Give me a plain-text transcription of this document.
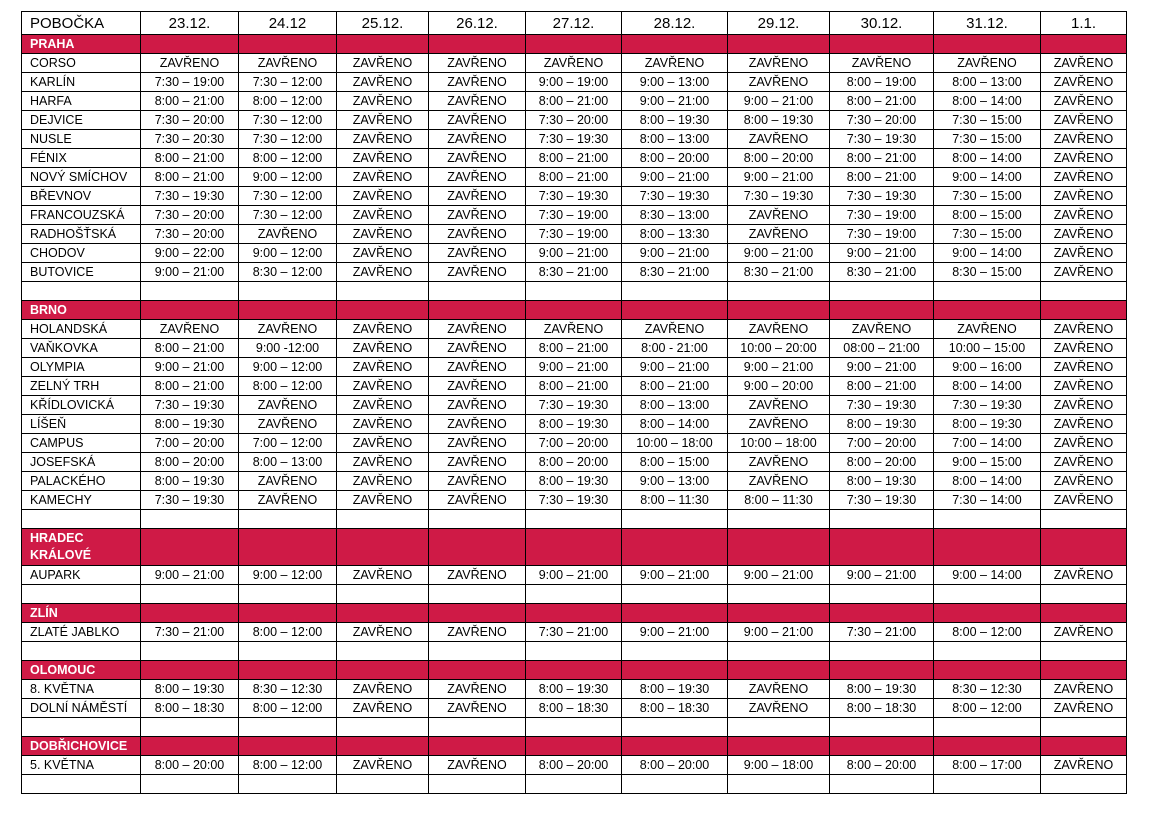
POBOČKA	23.12.	24.12	25.12.	26.12.	27.12.	28.12.	29.12.	30.12.	31.12.	1.1.
PRAHA										
CORSO	ZAVŘENO	ZAVŘENO	ZAVŘENO	ZAVŘENO	ZAVŘENO	ZAVŘENO	ZAVŘENO	ZAVŘENO	ZAVŘENO	ZAVŘENO
KARLÍN	7:30 – 19:00	7:30 – 12:00	ZAVŘENO	ZAVŘENO	9:00 – 19:00	9:00 – 13:00	ZAVŘENO	8:00 – 19:00	8:00 – 13:00	ZAVŘENO
HARFA	8:00 – 21:00	8:00 – 12:00	ZAVŘENO	ZAVŘENO	8:00 – 21:00	9:00 – 21:00	9:00 – 21:00	8:00 – 21:00	8:00 – 14:00	ZAVŘENO
DEJVICE	7:30 – 20:00	7:30 – 12:00	ZAVŘENO	ZAVŘENO	7:30 – 20:00	8:00 – 19:30	8:00 – 19:30	7:30 – 20:00	7:30 – 15:00	ZAVŘENO
NUSLE	7:30 – 20:30	7:30 – 12:00	ZAVŘENO	ZAVŘENO	7:30 – 19:30	8:00 – 13:00	ZAVŘENO	7:30 – 19:30	7:30 – 15:00	ZAVŘENO
FÉNIX	8:00 – 21:00	8:00 – 12:00	ZAVŘENO	ZAVŘENO	8:00 – 21:00	8:00 – 20:00	8:00 – 20:00	8:00 – 21:00	8:00 – 14:00	ZAVŘENO
NOVÝ SMÍCHOV	8:00 – 21:00	9:00 – 12:00	ZAVŘENO	ZAVŘENO	8:00 – 21:00	9:00 – 21:00	9:00 – 21:00	8:00 – 21:00	9:00 – 14:00	ZAVŘENO
BŘEVNOV	7:30 – 19:30	7:30 – 12:00	ZAVŘENO	ZAVŘENO	7:30 – 19:30	7:30 – 19:30	7:30 – 19:30	7:30 – 19:30	7:30 – 15:00	ZAVŘENO
FRANCOUZSKÁ	7:30 – 20:00	7:30 – 12:00	ZAVŘENO	ZAVŘENO	7:30 – 19:00	8:30 – 13:00	ZAVŘENO	7:30 – 19:00	8:00 – 15:00	ZAVŘENO
RADHOŠŤSKÁ	7:30 – 20:00	ZAVŘENO	ZAVŘENO	ZAVŘENO	7:30 – 19:00	8:00 – 13:30	ZAVŘENO	7:30 – 19:00	7:30 – 15:00	ZAVŘENO
CHODOV	9:00 – 22:00	9:00 – 12:00	ZAVŘENO	ZAVŘENO	9:00 – 21:00	9:00 – 21:00	9:00 – 21:00	9:00 – 21:00	9:00 – 14:00	ZAVŘENO
BUTOVICE	9:00 – 21:00	8:30 – 12:00	ZAVŘENO	ZAVŘENO	8:30 – 21:00	8:30 – 21:00	8:30 – 21:00	8:30 – 21:00	8:30 – 15:00	ZAVŘENO

BRNO										
HOLANDSKÁ	ZAVŘENO	ZAVŘENO	ZAVŘENO	ZAVŘENO	ZAVŘENO	ZAVŘENO	ZAVŘENO	ZAVŘENO	ZAVŘENO	ZAVŘENO
VAŇKOVKA	8:00 – 21:00	9:00 -12:00	ZAVŘENO	ZAVŘENO	8:00 – 21:00	8:00 - 21:00	10:00 – 20:00	08:00 – 21:00	10:00 – 15:00	ZAVŘENO
OLYMPIA	9:00 – 21:00	9:00 – 12:00	ZAVŘENO	ZAVŘENO	9:00 – 21:00	9:00 – 21:00	9:00 – 21:00	9:00 – 21:00	9:00 – 16:00	ZAVŘENO
ZELNÝ TRH	8:00 – 21:00	8:00 – 12:00	ZAVŘENO	ZAVŘENO	8:00 – 21:00	8:00 – 21:00	9:00 – 20:00	8:00 – 21:00	8:00 – 14:00	ZAVŘENO
KŘÍDLOVICKÁ	7:30 – 19:30	ZAVŘENO	ZAVŘENO	ZAVŘENO	7:30 – 19:30	8:00 – 13:00	ZAVŘENO	7:30 – 19:30	7:30 – 19:30	ZAVŘENO
LÍŠEŇ	8:00 – 19:30	ZAVŘENO	ZAVŘENO	ZAVŘENO	8:00 – 19:30	8:00 – 14:00	ZAVŘENO	8:00 – 19:30	8:00 – 19:30	ZAVŘENO
CAMPUS	7:00 – 20:00	7:00 – 12:00	ZAVŘENO	ZAVŘENO	7:00 – 20:00	10:00 – 18:00	10:00 – 18:00	7:00 – 20:00	7:00 – 14:00	ZAVŘENO
JOSEFSKÁ	8:00 – 20:00	8:00 – 13:00	ZAVŘENO	ZAVŘENO	8:00 – 20:00	8:00 – 15:00	ZAVŘENO	8:00 – 20:00	9:00 – 15:00	ZAVŘENO
PALACKÉHO	8:00 – 19:30	ZAVŘENO	ZAVŘENO	ZAVŘENO	8:00 – 19:30	9:00 – 13:00	ZAVŘENO	8:00 – 19:30	8:00 – 14:00	ZAVŘENO
KAMECHY	7:30 – 19:30	ZAVŘENO	ZAVŘENO	ZAVŘENO	7:30 – 19:30	8:00 – 11:30	8:00 – 11:30	7:30 – 19:30	7:30 – 14:00	ZAVŘENO

HRADEC KRÁLOVÉ										
AUPARK	9:00 – 21:00	9:00 – 12:00	ZAVŘENO	ZAVŘENO	9:00 – 21:00	9:00 – 21:00	9:00 – 21:00	9:00 – 21:00	9:00 – 14:00	ZAVŘENO

ZLÍN										
ZLATÉ JABLKO	7:30 – 21:00	8:00 – 12:00	ZAVŘENO	ZAVŘENO	7:30 – 21:00	9:00 – 21:00	9:00 – 21:00	7:30 – 21:00	8:00 – 12:00	ZAVŘENO

OLOMOUC										
8. KVĚTNA	8:00 – 19:30	8:30 – 12:30	ZAVŘENO	ZAVŘENO	8:00 – 19:30	8:00 – 19:30	ZAVŘENO	8:00 – 19:30	8:30 – 12:30	ZAVŘENO
DOLNÍ NÁMĚSTÍ	8:00 – 18:30	8:00 – 12:00	ZAVŘENO	ZAVŘENO	8:00 – 18:30	8:00 – 18:30	ZAVŘENO	8:00 – 18:30	8:00 – 12:00	ZAVŘENO

DOBŘICHOVICE										
5. KVĚTNA	8:00 – 20:00	8:00 – 12:00	ZAVŘENO	ZAVŘENO	8:00 – 20:00	8:00 – 20:00	9:00 – 18:00	8:00 – 20:00	8:00 – 17:00	ZAVŘENO
